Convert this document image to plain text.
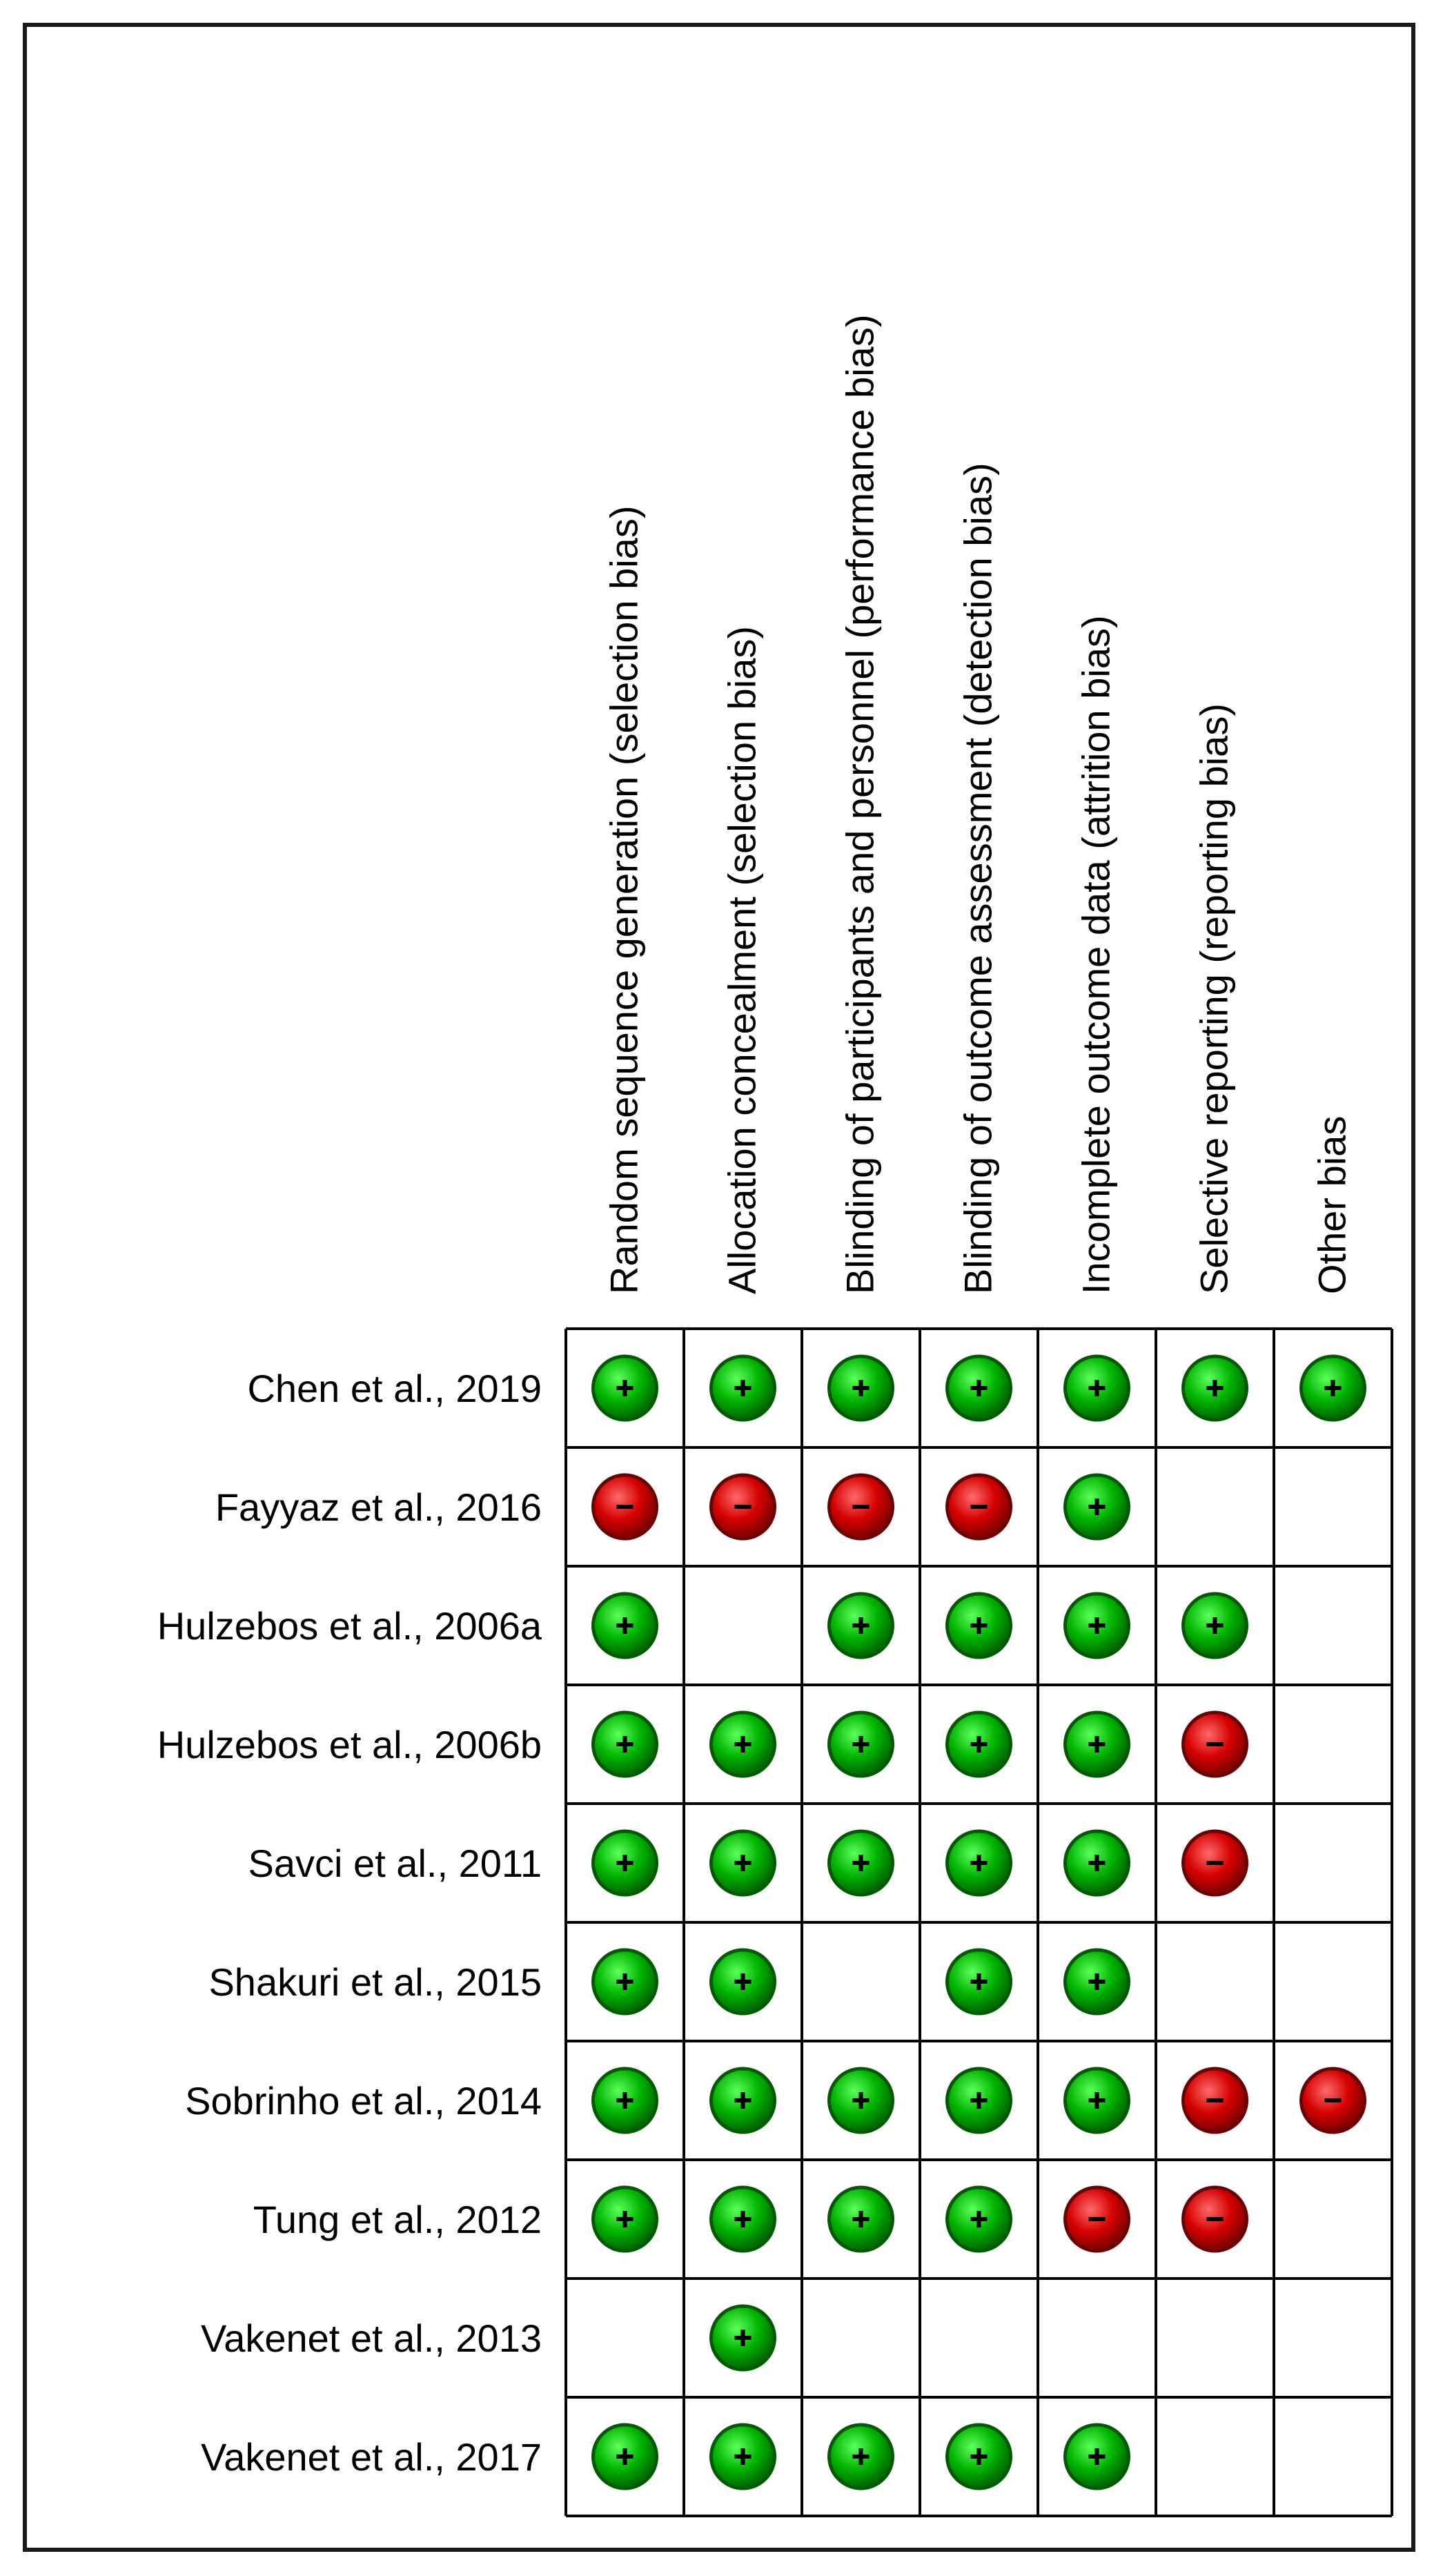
Random sequence generation (selection bias) Allocation concealment (selection bias) Blinding of participants and personnel (performance bias) Blinding of outcome assessment (detection bias) Incomplete outcome data (attrition bias) Selective reporting (reporting bias) Other bias
Chen et al., 2019
Fayyaz et al., 2016
Hulzebos et al., 2006a
Hulzebos et al., 2006b
Savci et al., 2011
Shakuri et al., 2015
Sobrinho et al., 2014
Tung et al., 2012
Vakenet et al., 2013
Vakenet et al., 2017
